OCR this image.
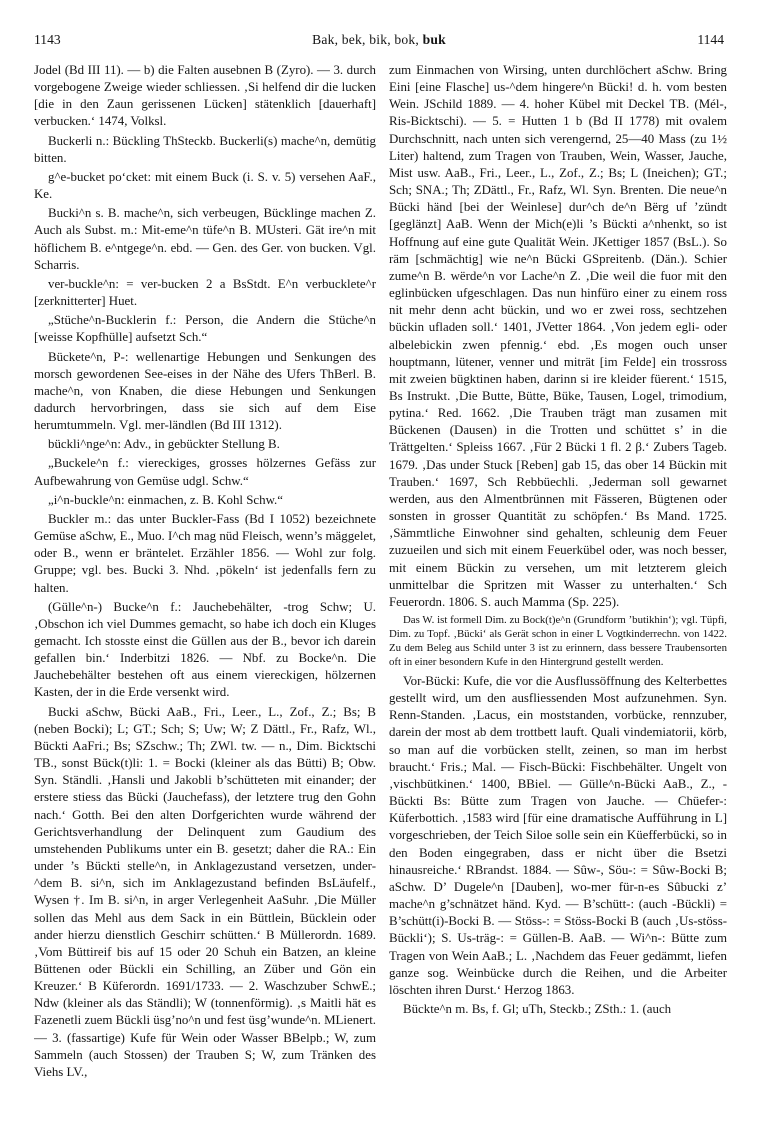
1143	Bak, bek, bik, bok, buk	1144

Jodel (Bd III 11). — b) die Falten ausebnen B (Zyro). — 3. durch vorgebogene Zweige wieder schliessen. ‚Si helfend dir die lucken [die in den Zaun gerissenen Lücken] stätenklich [dauerhaft] verbucken.‘ 1474, Volksl.

Buckerli n.: Bückling ThSteckb. Buckerli(s) mache^n, demütig bitten.

g^e-bucket po‘cket: mit einem Buck (i. S. v. 5) versehen AaF., Ke.

Bucki^n s. B. mache^n, sich verbeugen, Bücklinge machen Z. Auch als Subst. m.: Mit-eme^n tüfe^n B. MUsteri. Gät ire^n mit höflichem B. e^ntgege^n. ebd. — Gen. des Ger. von bucken. Vgl. Scharris.

ver-buckle^n: = ver-bucken 2 a BsStdt. E^n verbucklete^r [zerknitterter] Huet.

„Stüche^n-Bucklerin f.: Person, die Andern die Stüche^n [weisse Kopfhülle] aufsetzt Sch.“

Bückete^n, P-: wellenartige Hebungen und Senkungen des morsch gewordenen See-eises in der Nähe des Ufers ThBerl. B. mache^n, von Knaben, die diese Hebungen und Senkungen dadurch hervorbringen, dass sie sich auf dem Eise herumtummeln. Vgl. mer-ländlen (Bd III 1312).

bückli^nge^n: Adv., in gebückter Stellung B.

„Buckele^n f.: viereckiges, grosses hölzernes Gefäss zur Aufbewahrung von Gemüse udgl. Schw.“

„i^n-buckle^n: einmachen, z. B. Kohl Schw.“

Buckler m.: das unter Buckler-Fass (Bd I 1052) bezeichnete Gemüse aSchw, E., Muo. I^ch mag nüd Fleisch, wenn’s mäggelet, oder B., wenn er bräntelet. Erzähler 1856. — Wohl zur folg. Gruppe; vgl. bes. Bucki 3. Nhd. ‚pökeln‘ ist jedenfalls fern zu halten.

(Gülle^n-) Bucke^n f.: Jauchebehälter, -trog Schw; U. ‚Obschon ich viel Dummes gemacht, so habe ich doch ein Kluges gemacht. Ich stosste einst die Güllen aus der B., bevor ich darein gefallen bin.‘ Inderbitzi 1826. — Nbf. zu Bocke^n. Die Jauchebehälter bestehen oft aus einem viereckigen, hölzernen Kasten, der in die Erde versenkt wird.

Bucki aSchw, Bücki AaB., Fri., Leer., L., Zof., Z.; Bs; B (neben Bocki); L; GT.; Sch; S; Uw; W; Z Dättl., Fr., Rafz, Wl., Bückti AaFri.; Bs; SZschw.; Th; ZWl. tw. — n., Dim. Bicktschi TB., sonst Bück(t)li: 1. = Bocki (kleiner als das Bütti) B; Obw. Syn. Ständli. ‚Hansli und Jakobli b’schütteten mit einander; der erstere stiess das Bücki (Jauchefass), der letztere trug den Gohn nach.‘ Gotth. Bei den alten Dorfgerichten wurde während der Gerichtsverhandlung der Delinquent zum Gaudium des umstehenden Publikums unter ein B. gesetzt; daher die RA.: Ein under ’s Bückti stelle^n, in Anklagezustand versetzen, under-^dem B. si^n, sich im Anklagezustand befinden BsLäufelf., Wysen †. Im B. si^n, in arger Verlegenheit AaSuhr. ‚Die Müller sollen das Mehl aus dem Sack in ein Büttlein, Bücklein oder ander hierzu dienstlich Geschirr schütten.‘ B Müllerordn. 1689. ‚Vom Büttireif bis auf 15 oder 20 Schuh ein Batzen, an kleine Büttenen oder Bückli ein Schilling, an Züber und Gön ein Kreuzer.‘ B Küferordn. 1691/1733. — 2. Waschzuber SchwE.; Ndw (kleiner als das Ständli); W (tonnenförmig). ‚s Maitli hät es Fazenetli zuem Bückli üsg’no^n und fest üsg’wunde^n. MLienert. — 3. (fassartige) Kufe für Wein oder Wasser BBelpb.; W, zum Sammeln (auch Stossen) der Trauben S; W, zum Tränken des Viehs LV.,

zum Einmachen von Wirsing, unten durchlöchert aSchw. Bring Eini [eine Flasche] us-^dem hingere^n Bücki! d. h. vom besten Wein. JSchild 1889. — 4. hoher Kübel mit Deckel TB. (Mél-, Ris-Bicktschi). — 5. = Hutten 1 b (Bd II 1778) mit ovalem Durchschnitt, nach unten sich verengernd, 25—40 Mass (zu 1½ Liter) haltend, zum Tragen von Trauben, Wein, Wasser, Jauche, Mist usw. AaB., Fri., Leer., L., Zof., Z.; Bs; L (Ineichen); GT.; Sch; SNA.; Th; ZDättl., Fr., Rafz, Wl. Syn. Brenten. Die neue^n Bücki händ [bei der Weinlese] dur^ch de^n Bërg uf ’zündt [geglänzt] AaB. Wenn der Mich(e)li ’s Bückti a^nhenkt, so ist Hoffnung auf eine gute Qualität Wein. JKettiger 1857 (BsL.). So räm [schmächtig] wie ne^n Bücki GSpreitenb. (Dän.). Schier zume^n B. wërde^n vor Lache^n Z. ‚Die weil die fuor mit den eglinbücken ufgeschlagen. Das nun hinfüro einer zu einem ross nit mehr denn acht bückin, und wo er zwei ross, sechtzehen bückin ufladen soll.‘ 1401, JVetter 1864. ‚Von jedem egli- oder albelebickin zwen pfennig.‘ ebd. ‚Es mogen ouch unser houptmann, lütener, venner und miträt [im Felde] ein trossross mit zweien bügktinen haben, darinn si ire kleider füerent.‘ 1515, Bs Instrukt. ‚Die Butte, Bütte, Büke, Tausen, Logel, trimodium, pytina.‘ Red. 1662. ‚Die Trauben trägt man zusamen mit Bückenen (Dausen) in die Trotten und schüttet s’ in die Trättgelten.‘ Spleiss 1667. ‚Für 2 Bücki 1 fl. 2 β.‘ Zubers Tageb. 1679. ‚Das under Stuck [Reben] gab 15, das ober 14 Bückin mit Trauben.‘ 1697, Sch Rebbüechli. ‚Jederman soll gewarnet werden, aus den Almentbrünnen mit Fässeren, Bügtenen oder sonsten in grosser Quantität zu schöpfen.‘ Bs Mand. 1725. ‚Sämmtliche Einwohner sind gehalten, schleunig dem Feuer zuzueilen und sich mit einem Feuerkübel oder, was noch besser, mit einem Bückin zu versehen, um mit letzterem gleich unmittelbar die Spritzen mit Wasser zu unterhalten.‘ Sch Feuerordn. 1806. S. auch Mamma (Sp. 225).

Das W. ist formell Dim. zu Bock(t)e^n (Grundform ’butikhin‘); vgl. Tüpfi, Dim. zu Topf. ‚Bücki‘ als Gerät schon in einer L Vogtkinderrechn. von 1422. Zu dem Beleg aus Schild unter 3 ist zu erinnern, dass bessere Traubensorten oft in einer besondern Kufe in den Hintergrund gestellt werden.

Vor-Bücki: Kufe, die vor die Ausflussöffnung des Kelterbettes gestellt wird, um den ausfliessenden Most aufzunehmen. Syn. Renn-Standen. ‚Lacus, ein moststanden, vorbücke, rennzuber, darein der most ab dem trottbett lauft. Quali vindemiatorii, körb, so man auf die vorbücken stellt, zeinen, so man im herbst braucht.‘ Fris.; Mal. — Fisch-Bücki: Fischbehälter. Ungelt von ‚vischbütkinen.‘ 1400, BBiel. — Gülle^n-Bücki AaB., Z., -Bückti Bs: Bütte zum Tragen von Jauche. — Chüefer-: Küferbottich. ‚1583 wird [für eine dramatische Aufführung in L] vorgeschrieben, der Teich Siloe solle sein ein Küefferbücki, so in den Boden eingegraben, dass er nicht über die Bsetzi hinausreiche.‘ RBrandst. 1884. — Sûw-, Söu-: = Sûw-Bocki B; aSchw. D’ Dugele^n [Dauben], wo-mer für-n-es Sûbucki z’ mache^n g’schnätzet händ. Kyd. — B’schütt-: (auch -Bückli) = B’schütt(i)-Bocki B. — Stöss-: = Stöss-Bocki B (auch ‚Us-stöss-Bückli‘); S. Us-träg-: = Güllen-B. AaB. — Wi^n-: Bütte zum Tragen von Wein AaB.; L. ‚Nachdem das Feuer gedämmt, liefen ganze sog. Weinbücke durch die Reihen, und die Arbeiter löschten ihren Durst.‘ Herzog 1863.

Bückte^n m. Bs, f. Gl; uTh, Steckb.; ZSth.: 1. (auch
